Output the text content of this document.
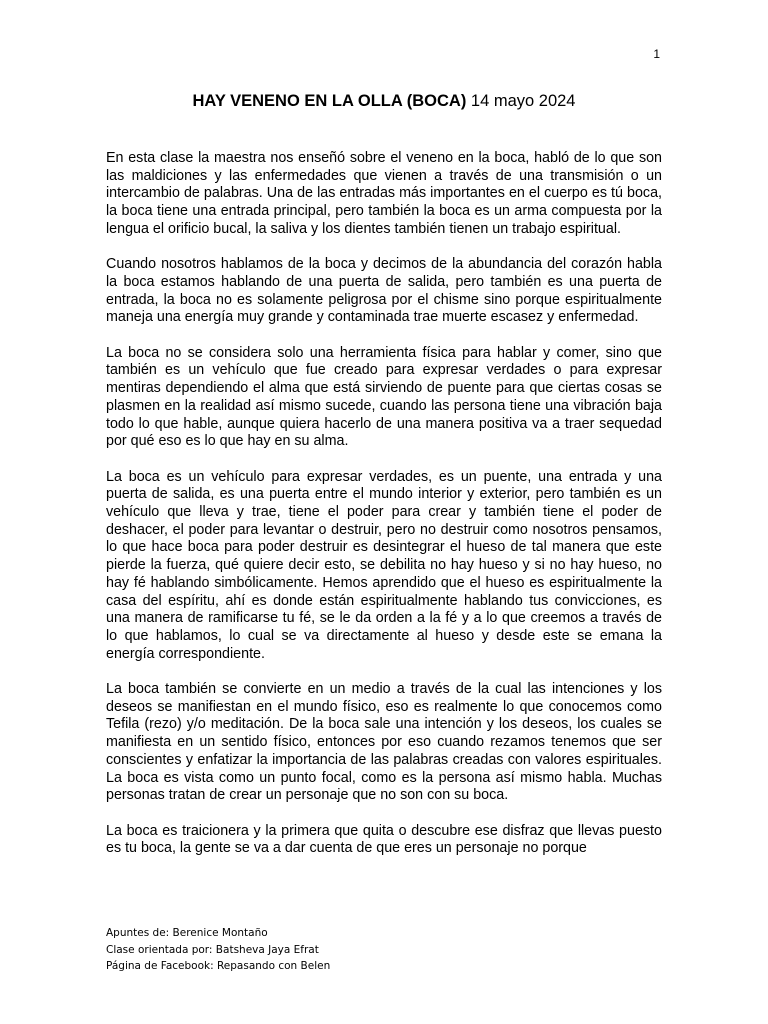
1
HAY VENENO EN LA OLLA (BOCA) 14 mayo 2024

En esta clase la maestra nos enseñó sobre el veneno en la boca, habló de lo que son las maldiciones y las enfermedades que vienen a través de una transmisión o un intercambio de palabras. Una de las entradas más importantes en el cuerpo es tú boca, la boca tiene una entrada principal, pero también la boca es un arma compuesta por la lengua el orificio bucal, la saliva y los dientes también tienen un trabajo espiritual.

Cuando nosotros hablamos de la boca y decimos de la abundancia del corazón habla la boca estamos hablando de una puerta de salida, pero también es una puerta de entrada, la boca no es solamente peligrosa por el chisme sino porque espiritualmente maneja una energía muy grande y contaminada trae muerte escasez y enfermedad.

La boca no se considera solo una herramienta física para hablar y comer, sino que también es un vehículo que fue creado para expresar verdades o para expresar mentiras dependiendo el alma que está sirviendo de puente para que ciertas cosas se plasmen en la realidad así mismo sucede, cuando las persona tiene una vibración baja todo lo que hable, aunque quiera hacerlo de una manera positiva va a traer sequedad por qué eso es lo que hay en su alma.

La boca es un vehículo para expresar verdades, es un puente, una entrada y una puerta de salida, es una puerta entre el mundo interior y exterior, pero también es un vehículo que lleva y trae, tiene el poder para crear y también tiene el poder de deshacer, el poder para levantar o destruir, pero no destruir como nosotros pensamos, lo que hace boca para poder destruir es desintegrar el hueso de tal manera que este pierde la fuerza, qué quiere decir esto, se debilita no hay hueso y si no hay hueso, no hay fé hablando simbólicamente. Hemos aprendido que el hueso es espiritualmente la casa del espíritu, ahí es donde están espiritualmente hablando tus convicciones, es una manera de ramificarse tu fé, se le da orden a la fé y a lo que creemos a través de lo que hablamos, lo cual se va directamente al hueso y desde este se emana la energía correspondiente.

La boca también se convierte en un medio a través de la cual las intenciones y los deseos se manifiestan en el mundo físico, eso es realmente lo que conocemos como Tefila (rezo) y/o meditación. De la boca sale una intención y los deseos, los cuales se manifiesta en un sentido físico, entonces por eso cuando rezamos tenemos que ser conscientes y enfatizar la importancia de las palabras creadas con valores espirituales. La boca es vista como un punto focal, como es la persona así mismo habla. Muchas personas tratan de crear un personaje que no son con su boca.

La boca es traicionera y la primera que quita o descubre ese disfraz que llevas puesto es tu boca, la gente se va a dar cuenta de que eres un personaje no porque

Apuntes de: Berenice Montaño
Clase orientada por: Batsheva Jaya Efrat
Página de Facebook: Repasando con Belen
